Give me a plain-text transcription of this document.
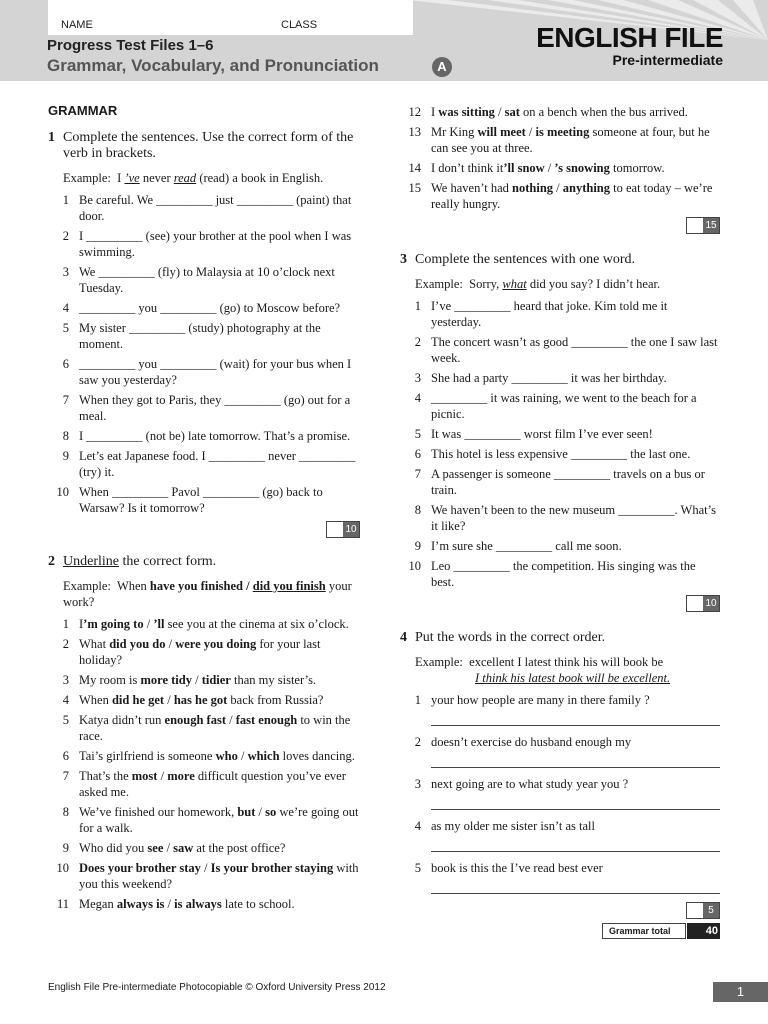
NAME	CLASS
Progress Test Files 1–6
Grammar, Vocabulary, and Pronunciation	A
ENGLISH FILE
Pre-intermediate
GRAMMAR
1 Complete the sentences. Use the correct form of the verb in brackets.
Example: I ’ve never read (read) a book in English.
1 Be careful. We _________ just _________ (paint) that door.
2 I _________ (see) your brother at the pool when I was swimming.
3 We _________ (fly) to Malaysia at 10 o’clock next Tuesday.
4 _________ you _________ (go) to Moscow before?
5 My sister _________ (study) photography at the moment.
6 _________ you _________ (wait) for your bus when I saw you yesterday?
7 When they got to Paris, they _________ (go) out for a meal.
8 I _________ (not be) late tomorrow. That’s a promise.
9 Let’s eat Japanese food. I _________ never _________ (try) it.
10 When _________ Pavol _________ (go) back to Warsaw? Is it tomorrow?
10
2 Underline the correct form.
Example: When have you finished / did you finish your work?
1 I’m going to / ’ll see you at the cinema at six o’clock.
2 What did you do / were you doing for your last holiday?
3 My room is more tidy / tidier than my sister’s.
4 When did he get / has he got back from Russia?
5 Katya didn’t run enough fast / fast enough to win the race.
6 Tai’s girlfriend is someone who / which loves dancing.
7 That’s the most / more difficult question you’ve ever asked me.
8 We’ve finished our homework, but / so we’re going out for a walk.
9 Who did you see / saw at the post office?
10 Does your brother stay / Is your brother staying with you this weekend?
11 Megan always is / is always late to school.
12 I was sitting / sat on a bench when the bus arrived.
13 Mr King will meet / is meeting someone at four, but he can see you at three.
14 I don’t think it’ll snow / ’s snowing tomorrow.
15 We haven’t had nothing / anything to eat today – we’re really hungry.
15
3 Complete the sentences with one word.
Example: Sorry, what did you say? I didn’t hear.
1 I’ve _________ heard that joke. Kim told me it yesterday.
2 The concert wasn’t as good _________ the one I saw last week.
3 She had a party _________ it was her birthday.
4 _________ it was raining, we went to the beach for a picnic.
5 It was _________ worst film I’ve ever seen!
6 This hotel is less expensive _________ the last one.
7 A passenger is someone _________ travels on a bus or train.
8 We haven’t been to the new museum _________. What’s it like?
9 I’m sure she _________ call me soon.
10 Leo _________ the competition. His singing was the best.
10
4 Put the words in the correct order.
Example: excellent I latest think his will book be
I think his latest book will be excellent.
1 your how people are many in there family ?
2 doesn’t exercise do husband enough my
3 next going are to what study year you ?
4 as my older me sister isn’t as tall
5 book is this the I’ve read best ever
5
Grammar total	40
English File Pre-intermediate Photocopiable © Oxford University Press 2012	1
